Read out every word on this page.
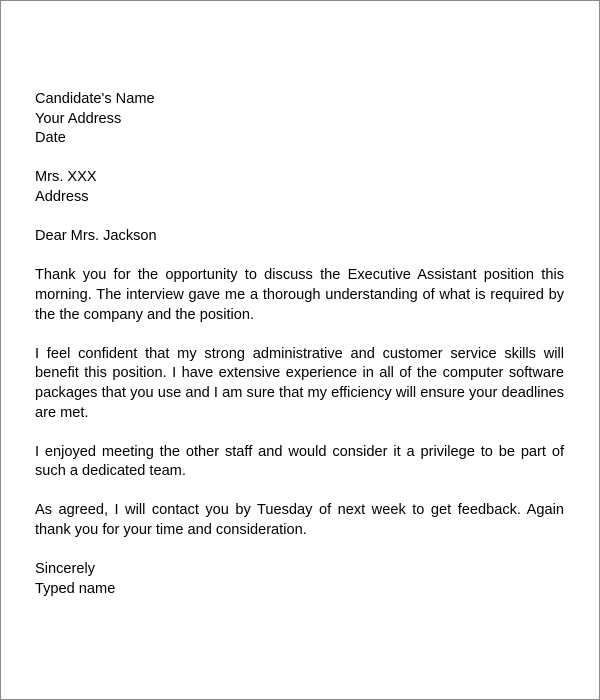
Candidate's Name
Your Address
Date
Mrs. XXX
Address
Dear Mrs. Jackson

Thank you for the opportunity to discuss the Executive Assistant position this morning. The interview gave me a thorough understanding of what is required by the the company and the position.

I feel confident that my strong administrative and customer service skills will benefit this position. I have extensive experience in all of the computer software packages that you use and I am sure that my efficiency will ensure your deadlines are met.

I enjoyed meeting the other staff and would consider it a privilege to be part of such a dedicated team.

As agreed, I will contact you by Tuesday of next week to get feedback. Again thank you for your time and consideration.

Sincerely
Typed name
